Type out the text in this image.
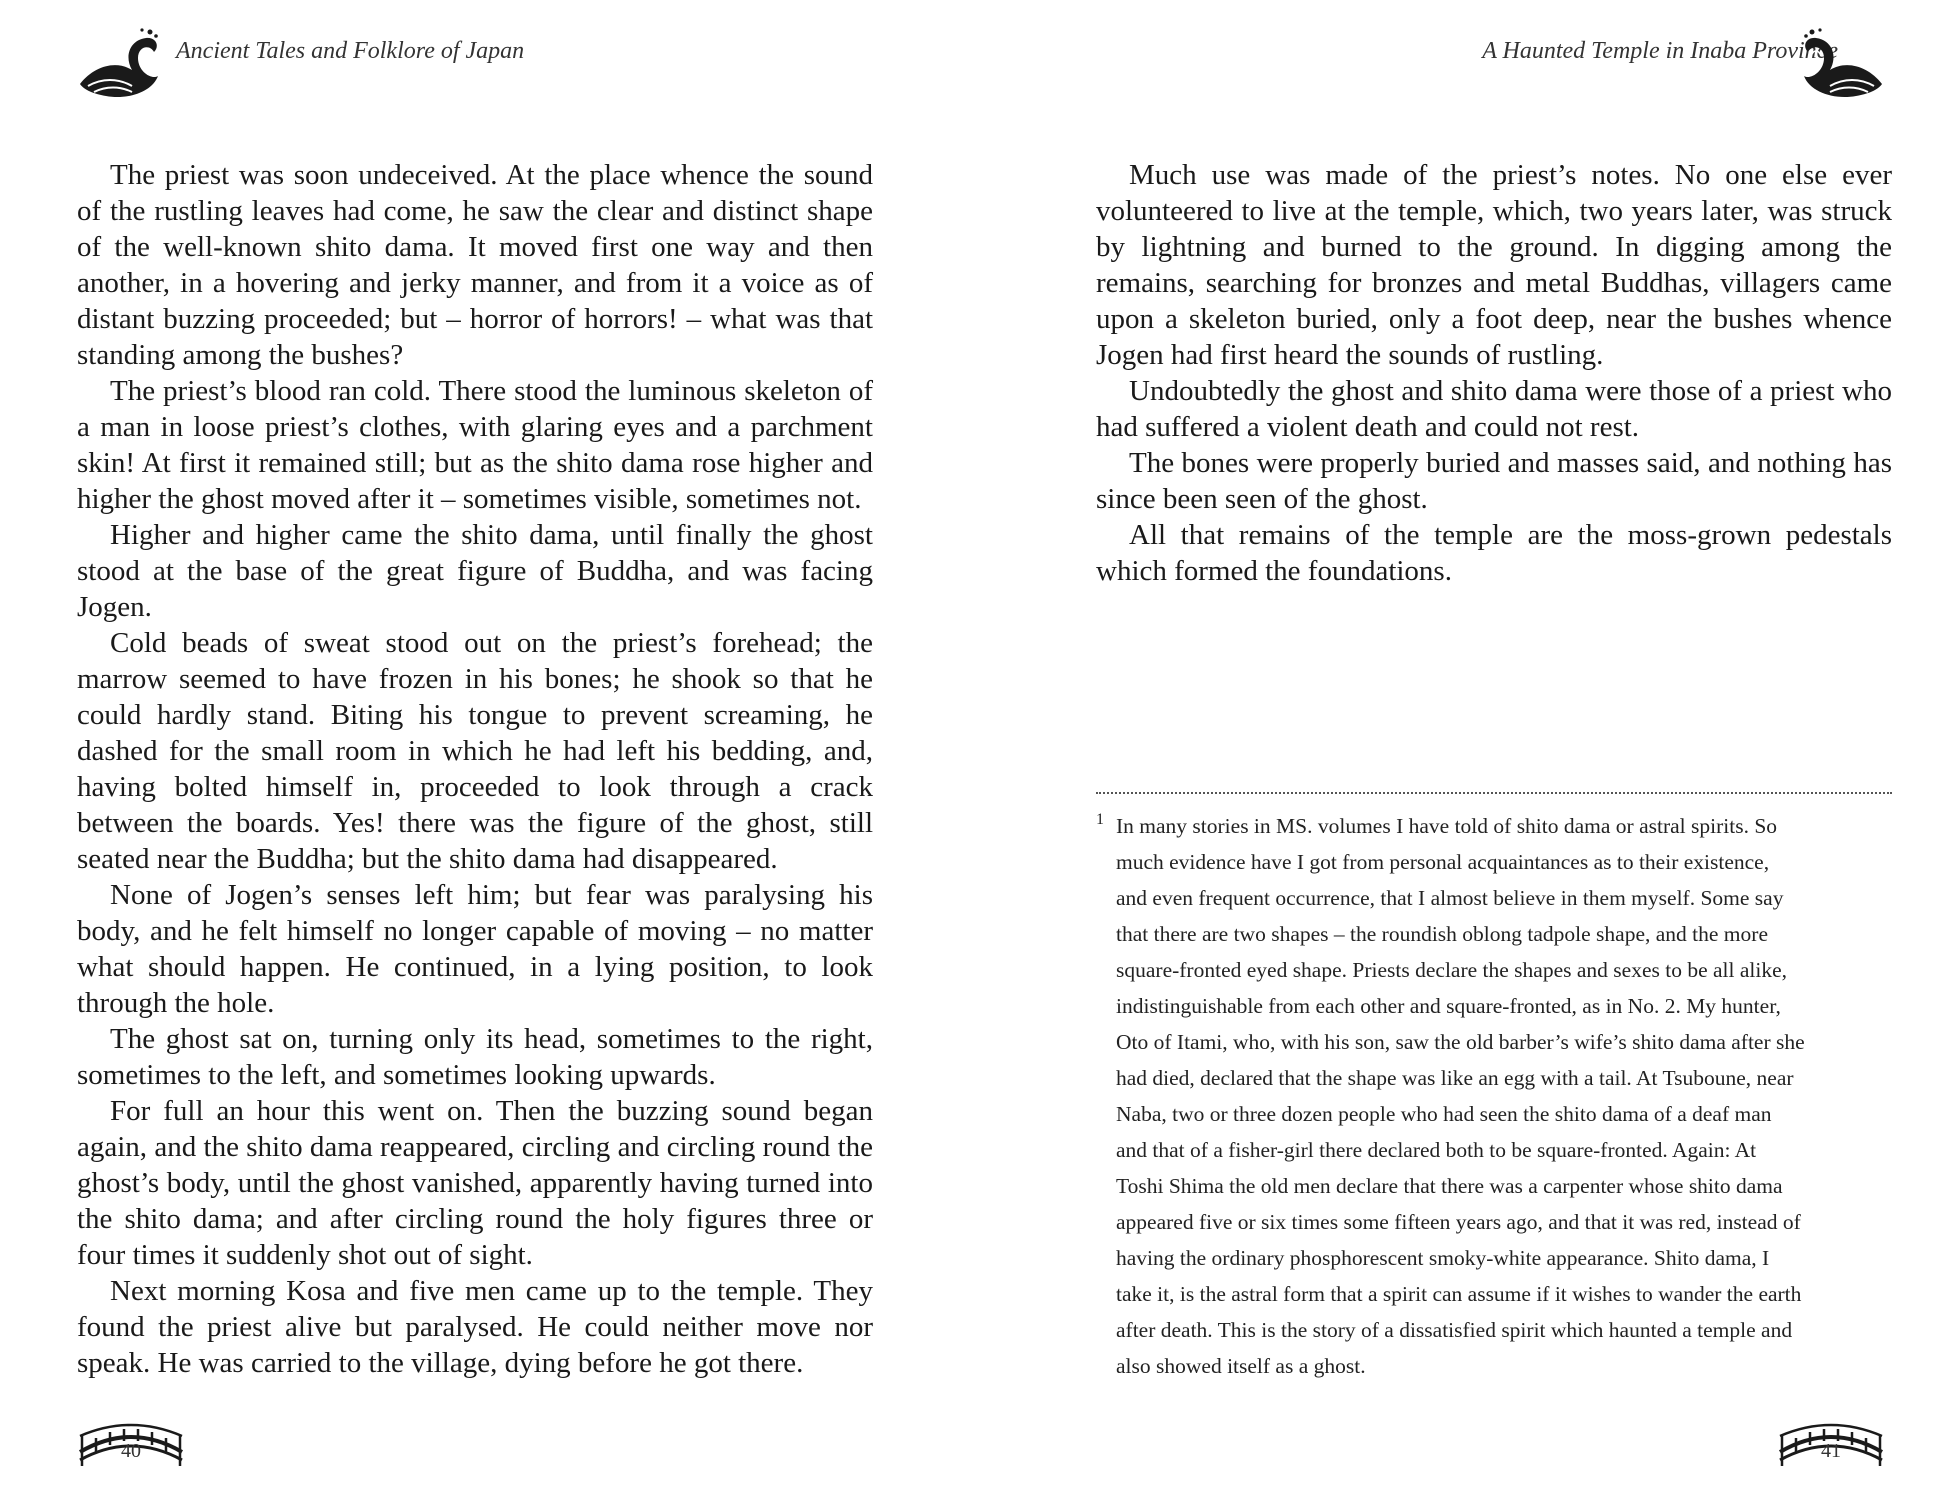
Ancient Tales and Folklore of Japan

The priest was soon undeceived. At the place whence the sound of the rustling leaves had come, he saw the clear and distinct shape of the well-known shito dama. It moved first one way and then another, in a hovering and jerky manner, and from it a voice as of distant buzzing proceeded; but – horror of horrors! – what was that standing among the bushes?

The priest’s blood ran cold. There stood the luminous skeleton of a man in loose priest’s clothes, with glaring eyes and a parchment skin! At first it remained still; but as the shito dama rose higher and higher the ghost moved after it – sometimes visible, sometimes not.

Higher and higher came the shito dama, until finally the ghost stood at the base of the great figure of Buddha, and was facing Jogen.

Cold beads of sweat stood out on the priest’s forehead; the marrow seemed to have frozen in his bones; he shook so that he could hardly stand. Biting his tongue to prevent screaming, he dashed for the small room in which he had left his bedding, and, having bolted himself in, proceeded to look through a crack between the boards. Yes! there was the figure of the ghost, still seated near the Buddha; but the shito dama had disappeared.

None of Jogen’s senses left him; but fear was paralysing his body, and he felt himself no longer capable of moving – no matter what should happen. He continued, in a lying position, to look through the hole.

The ghost sat on, turning only its head, sometimes to the right, sometimes to the left, and sometimes looking upwards.

For full an hour this went on. Then the buzzing sound began again, and the shito dama reappeared, circling and circling round the ghost’s body, until the ghost vanished, apparently having turned into the shito dama; and after circling round the holy figures three or four times it suddenly shot out of sight.

Next morning Kosa and five men came up to the temple. They found the priest alive but paralysed. He could neither move nor speak. He was carried to the village, dying before he got there.

40
A Haunted Temple in Inaba Province

Much use was made of the priest’s notes. No one else ever volunteered to live at the temple, which, two years later, was struck by lightning and burned to the ground. In digging among the remains, searching for bronzes and metal Buddhas, villagers came upon a skeleton buried, only a foot deep, near the bushes whence Jogen had first heard the sounds of rustling.

Undoubtedly the ghost and shito dama were those of a priest who had suffered a violent death and could not rest.

The bones were properly buried and masses said, and nothing has since been seen of the ghost.

All that remains of the temple are the moss-grown pedestals which formed the foundations.

1 In many stories in MS. volumes I have told of shito dama or astral spirits. So
much evidence have I got from personal acquaintances as to their existence,
and even frequent occurrence, that I almost believe in them myself. Some say
that there are two shapes – the roundish oblong tadpole shape, and the more
square-fronted eyed shape. Priests declare the shapes and sexes to be all alike,
indistinguishable from each other and square-fronted, as in No. 2. My hunter,
Oto of Itami, who, with his son, saw the old barber’s wife’s shito dama after she
had died, declared that the shape was like an egg with a tail. At Tsuboune, near
Naba, two or three dozen people who had seen the shito dama of a deaf man
and that of a fisher-girl there declared both to be square-fronted. Again: At
Toshi Shima the old men declare that there was a carpenter whose shito dama
appeared five or six times some fifteen years ago, and that it was red, instead of
having the ordinary phosphorescent smoky-white appearance. Shito dama, I
take it, is the astral form that a spirit can assume if it wishes to wander the earth
after death. This is the story of a dissatisfied spirit which haunted a temple and
also showed itself as a ghost.
41
